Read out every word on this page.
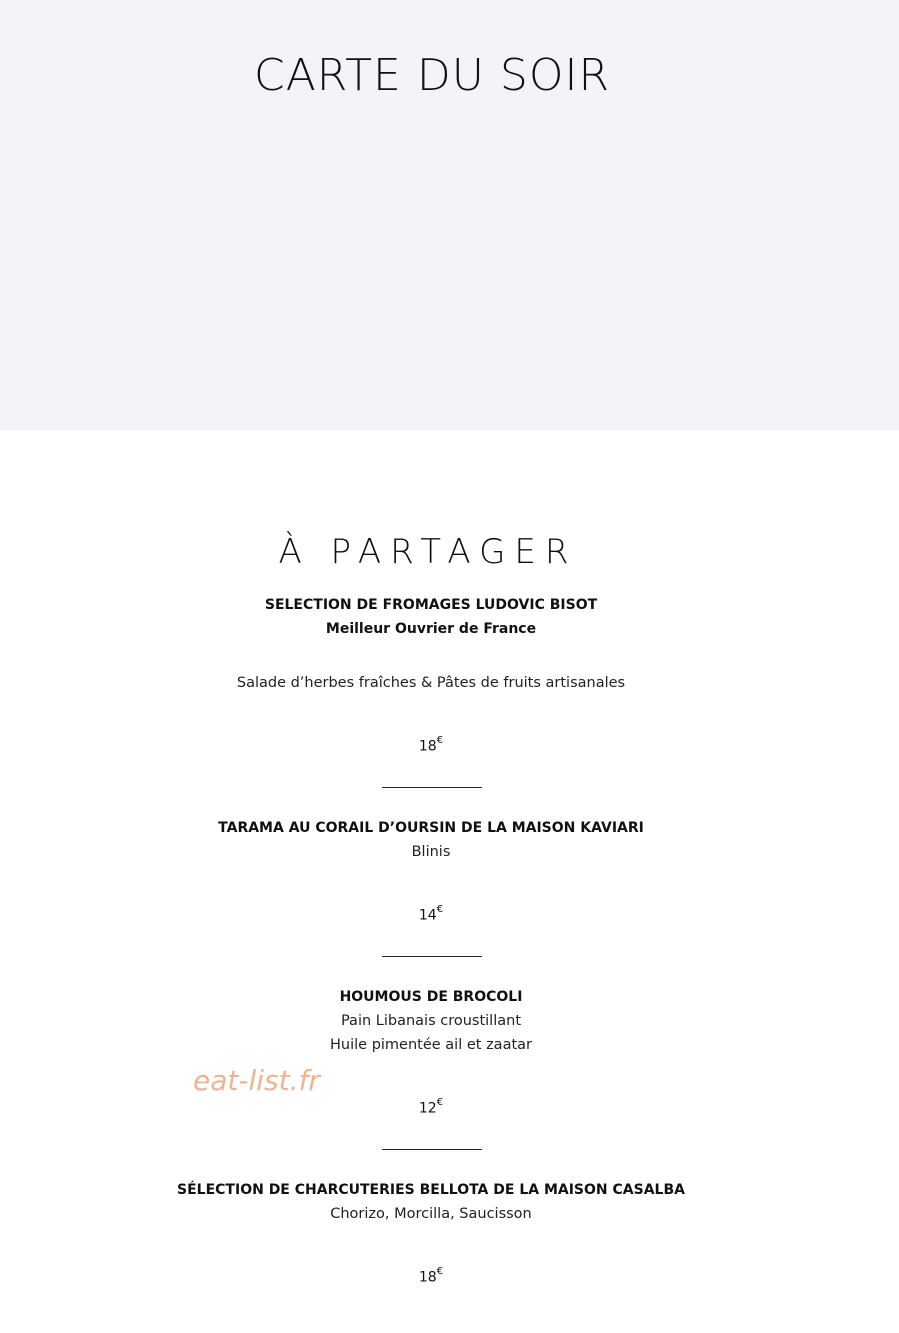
CARTE DU SOIR
À PARTAGER
SELECTION DE FROMAGES LUDOVIC BISOT
Meilleur Ouvrier de France
Salade d’herbes fraîches & Pâtes de fruits artisanales
18€
TARAMA AU CORAIL D’OURSIN DE LA MAISON KAVIARI
Blinis
14€
HOUMOUS DE BROCOLI
Pain Libanais croustillant
Huile pimentée ail et zaatar
12€
SÉLECTION DE CHARCUTERIES BELLOTA DE LA MAISON CASALBA
Chorizo, Morcilla, Saucisson
18€
eat-list.fr
